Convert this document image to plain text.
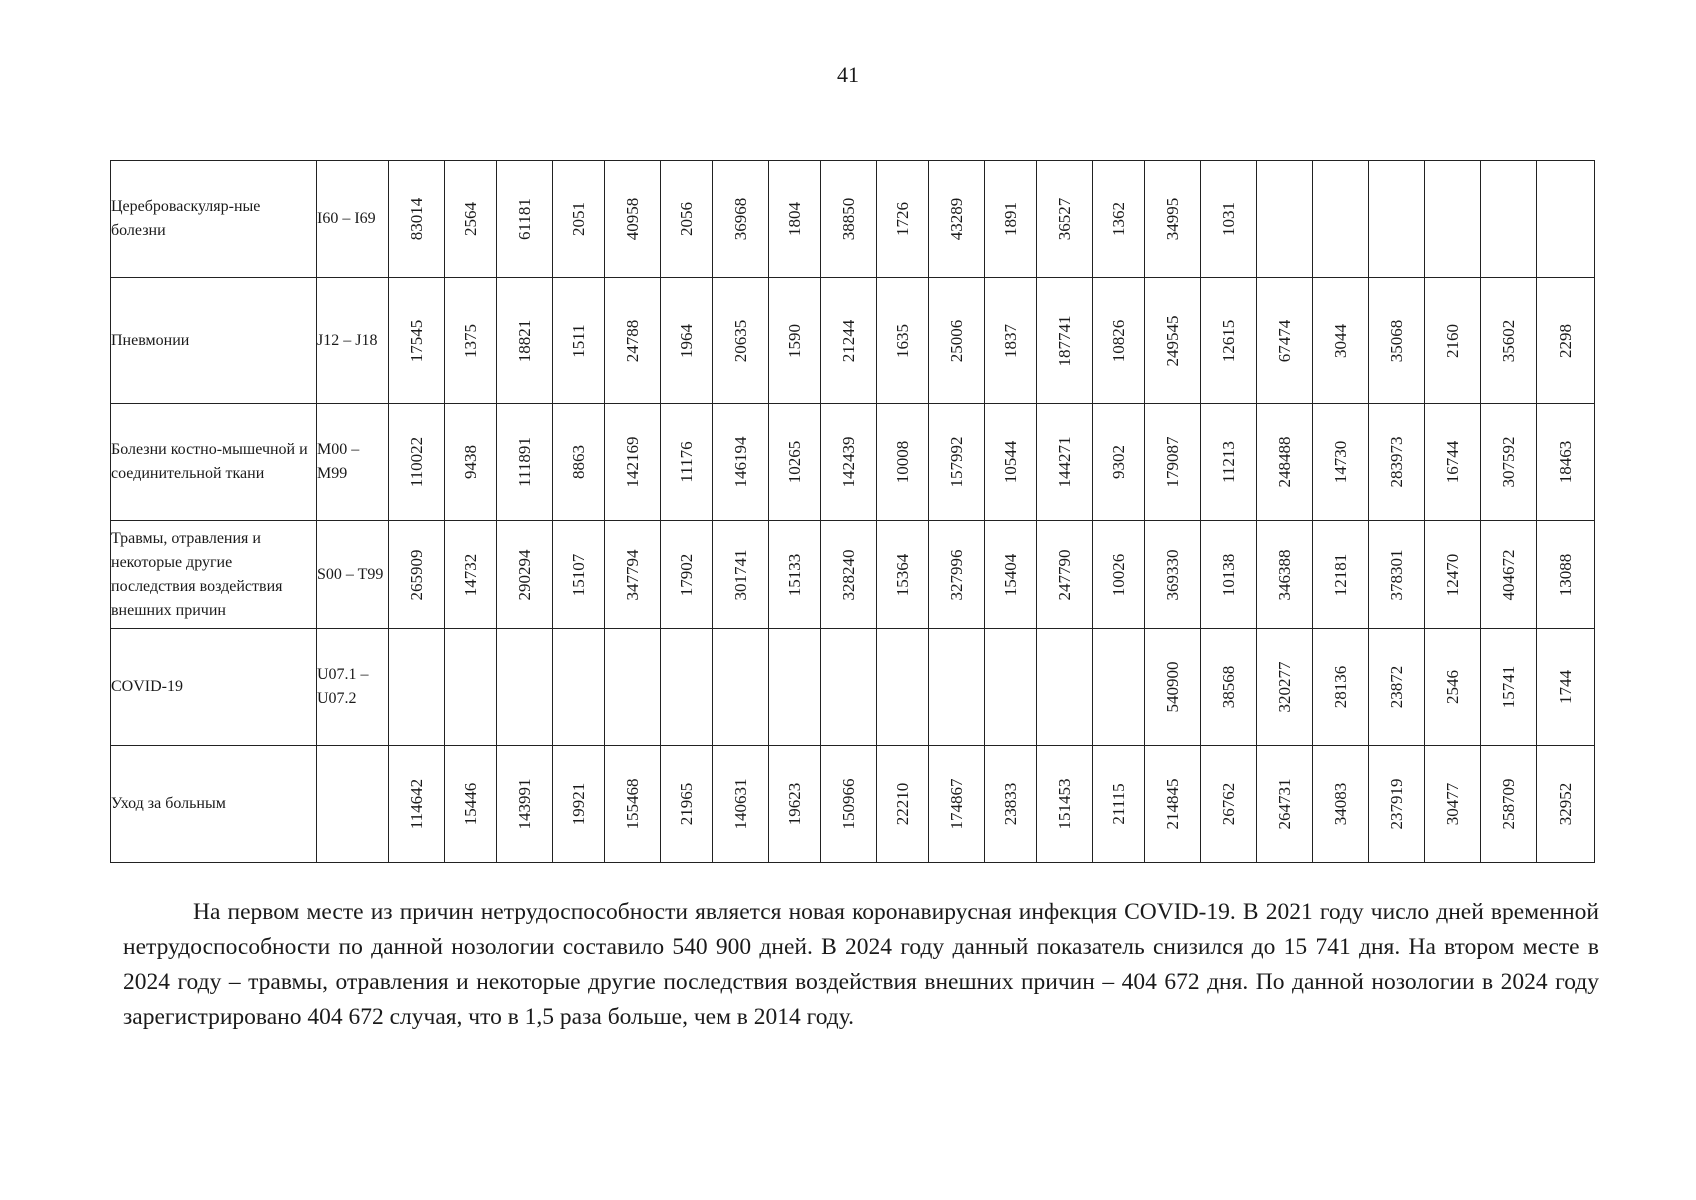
41
Цереброваскуляр-ные болезни	I60 – I69	83014	2564	61181	2051	40958	2056	36968	1804	38850	1726	43289	1891	36527	1362	34995	1031						

Пневмонии	J12 – J18	17545	1375	18821	1511	24788	1964	20635	1590	21244	1635	25006	1837	187741	10826	249545	12615	67474	3044	35068	2160	35602	2298

Болезни костно-мышечной и соединительной ткани	M00 – M99	110022	9438	111891	8863	142169	11176	146194	10265	142439	10008	157992	10544	144271	9302	179087	11213	248488	14730	283973	16744	307592	18463

Травмы, отравления и некоторые другие последствия воздействия внешних причин	S00 – T99	265909	14732	290294	15107	347794	17902	301741	15133	328240	15364	327996	15404	247790	10026	369330	10138	346388	12181	378301	12470	404672	13088

COVID-19	U07.1 – U07.2															540900	38568	320277	28136	23872	2546	15741	1744

Уход за больным		114642	15446	143991	19921	155468	21965	140631	19623	150966	22210	174867	23833	151453	21115	214845	26762	264731	34083	237919	30477	258709	32952

На первом месте из причин нетрудоспособности является новая коронавирусная инфекция COVID-19. В 2021 году число дней временной нетрудоспособности по данной нозологии составило 540 900 дней. В 2024 году данный показатель снизился до 15 741 дня. На втором месте в 2024 году – травмы, отравления и некоторые другие последствия воздействия внешних причин – 404 672 дня. По данной нозологии в 2024 году зарегистрировано 404 672 случая, что в 1,5 раза больше, чем в 2014 году.
